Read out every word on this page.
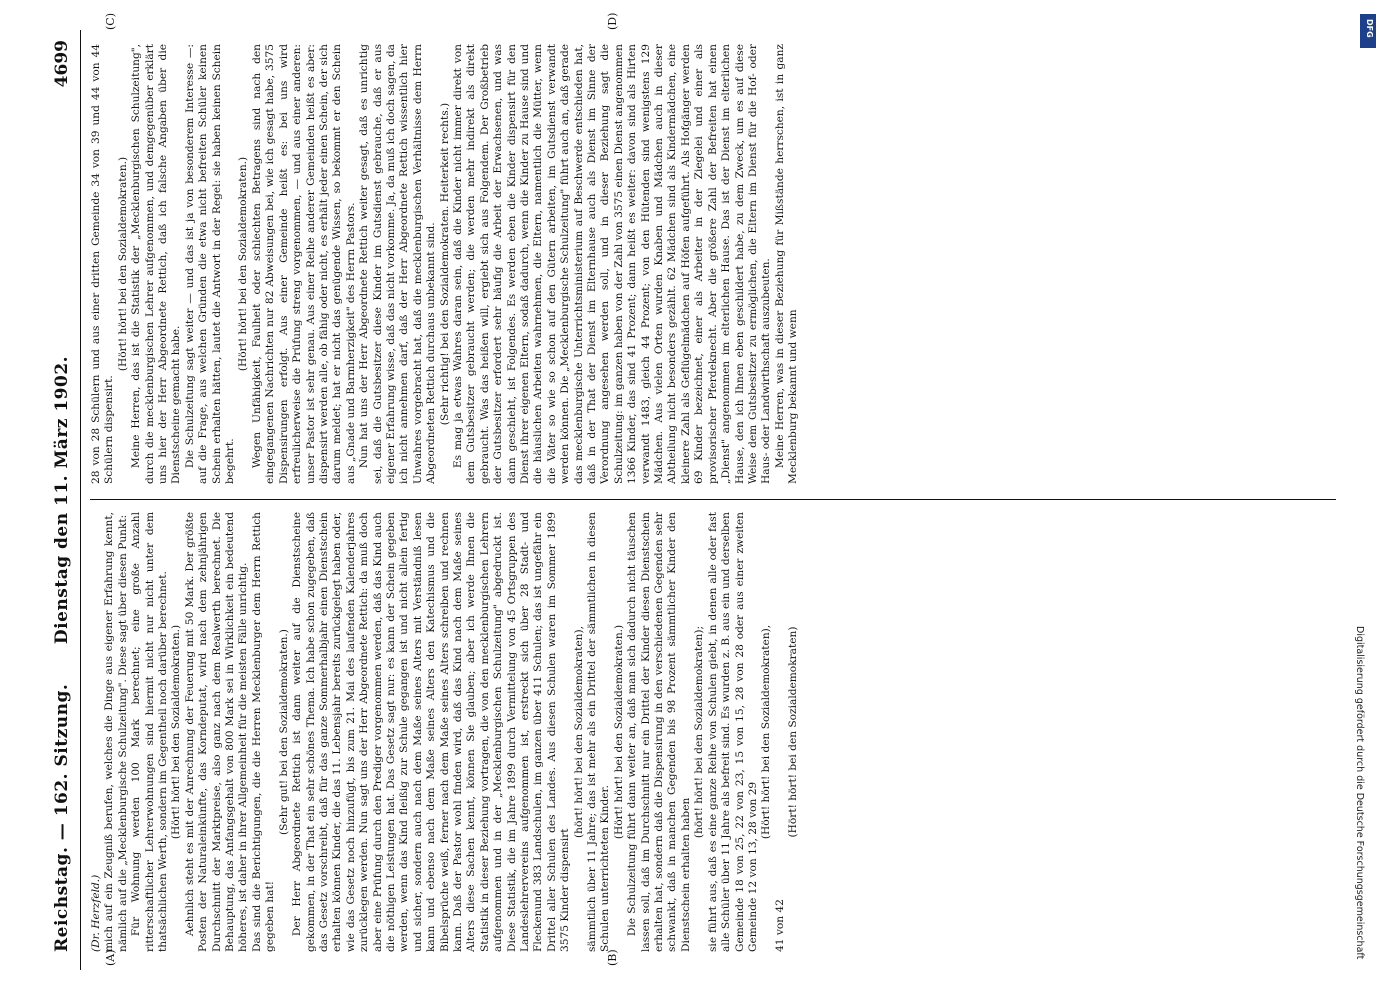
Reichstag. — 162. Sitzung.
Dienstag den 11. März 1902.
4699
(A)	(B)
(C)	(D)

(Dr. Herzfeld.) mich auf ein Zeugniß berufen, welches die Dinge aus eigener Erfahrung kennt, nämlich auf die „Mecklenburgische Schulzeitung". Diese sagt über diesen Punkt: Für Wohnung werden 100 Mark berechnet; eine große Anzahl ritterschaftlicher Lehrerwohnungen sind hiermit nicht nur nicht unter dem thatsächlichen Werth, sondern im Gegentheil noch darüber berechnet. (Hört! hört! bei den Sozialdemokraten.) Aehnlich steht es mit der Anrechnung der Feuerung mit 50 Mark. Der größte Posten der Naturaleinkünfte, das Korndeputat, wird nach dem zehnjährigen Durchschnitt der Marktpreise, also ganz nach dem Realwerth berechnet. Die Behauptung, das Anfangsgehalt von 800 Mark sei in Wirklichkeit ein bedeutend höheres, ist daher in ihrer Allgemeinheit für die meisten Fälle unrichtig. Das sind die Berichtigungen, die die Herren Mecklenburger dem Herrn Rettich gegeben hat!

(Sehr gut! bei den Sozialdemokraten.) Der Herr Abgeordnete Rettich ist dann weiter auf die Dienstscheine gekommen, in der That ein sehr schönes Thema. Ich habe schon zugegeben, daß das Gesetz vorschreibt, daß für das ganze Sommerhalbjahr einen Dienstschein erhalten können Kinder, die das 11. Lebensjahr bereits zurückgelegt haben oder, wie das Gesetz noch hinzufügt, bis zum 21. Mai des laufenden Kalenderjahres zurücklegen werden. Nun sagt uns der Herr Abgeordnete Rettich: da muß doch aber eine Prüfung durch den Prediger vorgenommen werden, daß das Kind auch die nöthigen Leistungen hat. Das Gesetz sagt nur: es kann der Schein gegeben werden, wenn das Kind fleißig zur Schule gegangen ist und nicht allein fertig und sicher, sondern auch nach dem Maße seines Alters mit Verständniß lesen kann und ebenso nach dem Maße seines Alters den Katechismus und die Bibelsprüche weiß, ferner nach dem Maße seines Alters schreiben und rechnen kann. Daß der Pastor wohl finden wird, daß das Kind nach dem Maße seines Alters diese Sachen kennt, können Sie glauben; aber ich werde Ihnen die Statistik in dieser Beziehung vortragen, die von den mecklenburgischen Lehrern aufgenommen und in der „Mecklenburgischen Schulzeitung" abgedruckt ist. Diese Statistik, die im Jahre 1899 durch Vermittelung von 45 Ortsgruppen des Landeslehrervereins aufgenommen ist, erstreckt sich über 28 Stadt- und Fleckenund 383 Landschulen, im ganzen über 411 Schulen; das ist ungefähr ein Drittel aller Schulen des Landes. Aus diesen Schulen waren im Sommer 1899 3575 Kinder dispensirt

(hört! hört! bei den Sozialdemokraten), sämmtlich über 11 Jahre; das ist mehr als ein Drittel der sämmtlichen in diesen Schulen unterrichteten Kinder.

(Hört! hört! bei den Sozialdemokraten.) Die Schulzeitung führt dann weiter an, daß man sich dadurch nicht täuschen lassen soll, daß im Durchschnitt nur ein Drittel der Kinder diesen Dienstschein erhalten hat, sondern daß die Dispensirung in den verschiedenen Gegenden sehr schwankt, daß in manchen Gegenden bis 98 Prozent sämmtlicher Kinder den Dienstschein erhalten haben

(hört! hört! bei den Sozialdemokraten); sie führt aus, daß es eine ganze Reihe von Schulen giebt, in denen alle oder fast alle Schüler über 11 Jahre als befreit sind. Es wurden z. B. aus ein und derselben Gemeinde 18 von 25, 22 von 23, 15 von 15, 28 von 28 oder aus einer zweiten Gemeinde 12 von 13, 28 von 29

(Hört! hört! bei den Sozialdemokraten),

41 von 42

(Hört! hört! bei den Sozialdemokraten)

28 von 28 Schülern und aus einer dritten Gemeinde 34 von 39 und 44 von 44 Schülern dispensirt.

(Hört! hört! bei den Sozialdemokraten.) Meine Herren, das ist die Statistik der „Mecklenburgischen Schulzeitung", durch die mecklenburgischen Lehrer aufgenommen, und demgegenüber erklärt uns hier der Herr Abgeordnete Rettich, daß ich falsche Angaben über die Dienstscheine gemacht habe. Die Schulzeitung sagt weiter — und das ist ja von besonderem Interesse —: auf die Frage, aus welchen Gründen die etwa nicht befreiten Schüler keinen Schein erhalten hätten, lautet die Antwort in der Regel: sie haben keinen Schein begehrt.

(Hört! hört! bei den Sozialdemokraten.) Wegen Unfähigkeit, Faulheit oder schlechten Betragens sind nach den eingegangenen Nachrichten nur 82 Abweisungen bei, wie ich gesagt habe, 3575 Dispensirungen erfolgt. Aus einer Gemeinde heißt es: bei uns wird erfreulicherweise die Prüfung streng vorgenommen, — und aus einer anderen: unser Pastor ist sehr genau. Aus einer Reihe anderer Gemeinden heißt es aber: dispensirt werden alle, ob fähig oder nicht, es erhält jeder einen Schein, der sich darum meldet; hat er nicht das genügende Wissen, so bekommt er den Schein aus „Gnade und Barmherzigkeit" des Herrn Pastors. Nun hat uns der Herr Abgeordnete Rettich weiter gesagt, daß es unrichtig sei, daß die Gutsbesitzer diese Kinder im Gutsdienst gebrauche, daß er aus eigener Erfahrung wisse, daß das nicht vorkomme. Ja, da muß ich doch sagen, da ich nicht annehmen darf, daß der Herr Abgeordnete Rettich wissentlich hier Unwahres vorgebracht hat, daß die mecklenburgischen Verhältnisse dem Herrn Abgeordneten Rettich durchaus unbekannt sind. (Sehr richtig! bei den Sozialdemokraten. Heiterkeit rechts.) Es mag ja etwas Wahres daran sein, daß die Kinder nicht immer direkt von dem Gutsbesitzer gebraucht werden; die werden mehr indirekt als direkt gebraucht. Was das heißen will, ergiebt sich aus Folgendem. Der Großbetrieb der Gutsbesitzer erfordert sehr häufig die Arbeit der Erwachsenen, und was dann geschieht, ist Folgendes. Es werden eben die Kinder dispensirt für den Dienst ihrer eigenen Eltern, sodaß dadurch, wenn die Kinder zu Hause sind und die häuslichen Arbeiten wahrnehmen, die Eltern, namentlich die Mütter, wenn die Väter so wie so schon auf den Gütern arbeiten, im Gutsdienst verwandt werden können. Die „Mecklenburgische Schulzeitung" führt auch an, daß gerade das mecklenburgische Unterrichtsministerium auf Beschwerde entschieden hat, daß in der That der Dienst im Elternhause auch als Dienst im Sinne der Verordnung angesehen werden soll, und in dieser Beziehung sagt die Schulzeitung: im ganzen haben von der Zahl von 3575 einen Dienst angenommen 1366 Kinder, das sind 41 Prozent; dann heißt es weiter: davon sind als Hirten verwandt 1483, gleich 44 Prozent; von den Hütenden sind wenigstens 129 Mädchen. Aus vielen Orten wurden Knaben und Mädchen auch in dieser Abtheilung nicht besonders gezählt. 62 Mädchen sind als Kindermädchen, eine kleinere Zahl als Geflügelmädchen auf Höfen aufgeführt. Als Hofgänger werden 69 Kinder bezeichnet, einer als Arbeiter in der Ziegelei und einer als provisorischer Pferdeknecht. Aber die größere Zahl der Befreiten hat einen „Dienst" angenommen im elterlichen Hause. Das ist der Dienst im elterlichen Hause, den ich Ihnen eben geschildert habe, zu dem Zweck, um es auf diese Weise dem Gutsbesitzer zu ermöglichen, die Eltern im Dienst für die Hof- oder Haus- oder Landwirthschaft auszubeuten. Meine Herren, was in dieser Beziehung für Mißstände herrschen, ist in ganz Mecklenburg bekannt und wenn

DFG
Digitalisierung gefördert durch die Deutsche Forschungsgemeinschaft
